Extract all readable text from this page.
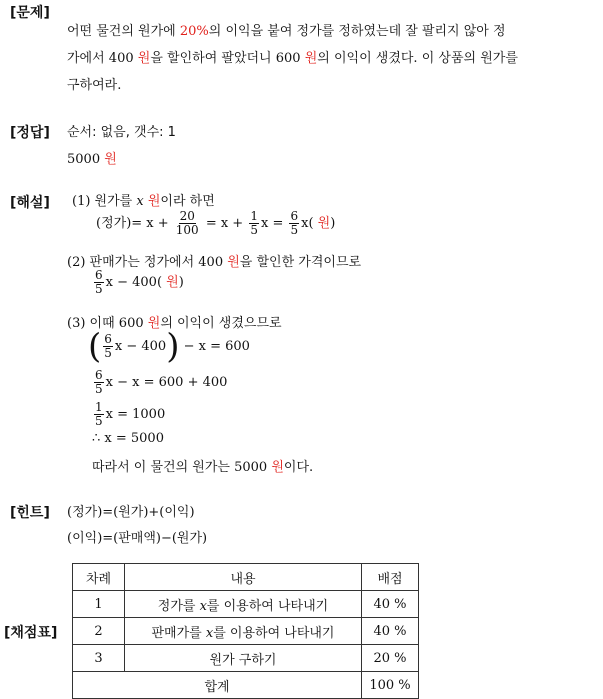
[문제]
어떤 물건의 원가에 20%의 이익을 붙여 정가를 정하였는데 잘 팔리지 않아 정
가에서 400 원을 할인하여 팔았더니 600 원의 이익이 생겼다. 이 상품의 원가를
구하여라.
[정답] 순서: 없음, 갯수: 1
5000 원
[해설] (1) 원가를 x 원이라 하면
(정가)= $x + \frac{20}{100} = x + \frac{1}{5}$ $x = \frac{6}{5} x$( 원)
(2) 판매가는 정가에서 400 원을 할인한 가격이므로
$\frac{6}{5}$ x − 400( 원)
(3) 이때 600 원의 이익이 생겼으므로
( $\frac{6}{5}$ x − 400) − x = 600
$\frac{6}{5}$ x − x = 600 + 400
$\frac{1}{5}$ x = 1000
∴ x = 5000
따라서 이 물건의 원가는 5000 원이다.
[힌트] (정가)=(원가)+(이익)
(이익)=(판매액)−(원가)
[채점표]
차례	내용	배점
1	정가를 x를 이용하여 나타내기	40 %
2	판매가를 x를 이용하여 나타내기	40 %
3	원가 구하기	20 %
합계		100 %
